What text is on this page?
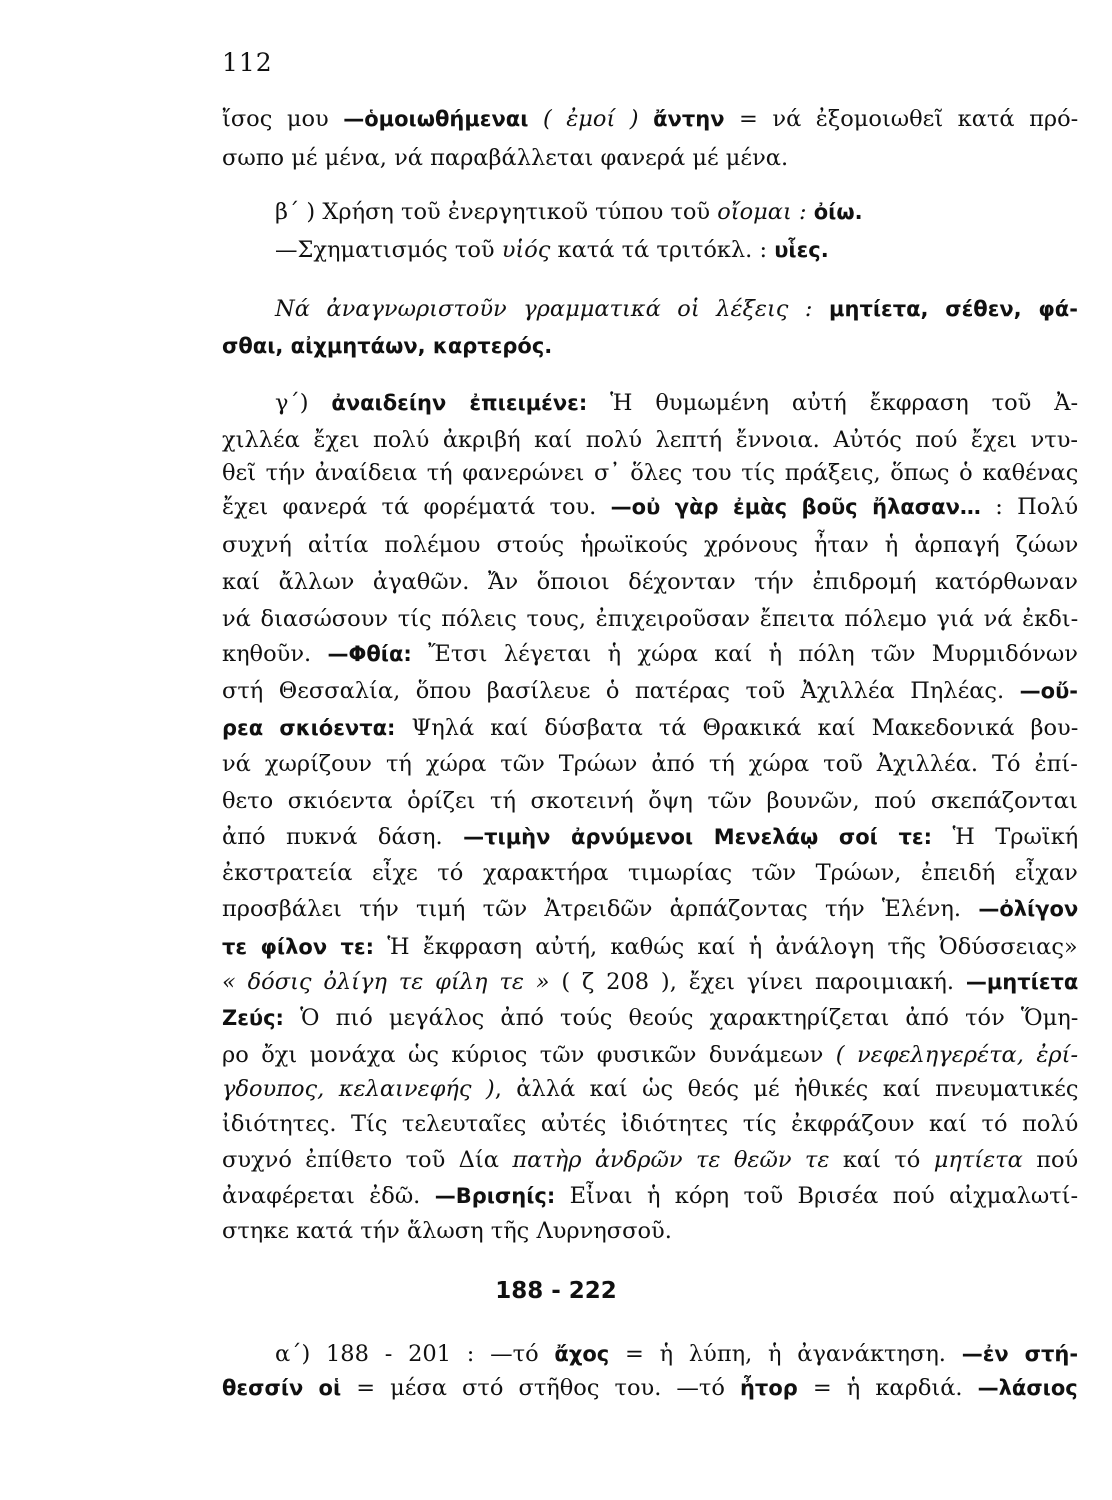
112
ἴσος μου —ὁμοιωθήμεναι ( ἐμοί ) ἄντην = νά ἐξομοιωθεῖ κατά πρό-
σωπο μέ μένα, νά παραβάλλεται φανερά μέ μένα.
β΄ ) Χρήση τοῦ ἐνεργητικοῦ τύπου τοῦ οἴομαι : ὀίω.
—Σχηματισμός τοῦ υἱός κατά τά τριτόκλ. : υἷες.
Νά ἀναγνωριστοῦν γραμματικά οἱ λέξεις : μητίετα, σέθεν, φά-
σθαι, αἰχμητάων, καρτερός.
γ΄) ἀναιδείην ἐπιειμένε: Ἡ θυμωμένη αὐτή ἔκφραση τοῦ Ἀ-
χιλλέα ἔχει πολύ ἀκριβή καί πολύ λεπτή ἔννοια. Αὐτός πού ἔχει ντυ-
θεῖ τήν ἀναίδεια τή φανερώνει σ᾽ ὅλες του τίς πράξεις, ὅπως ὁ καθένας
ἔχει φανερά τά φορέματά του. —οὐ γὰρ ἐμὰς βοῦς ἤλασαν… : Πολύ
συχνή αἰτία πολέμου στούς ἡρωϊκούς χρόνους ἦταν ἡ ἁρπαγή ζώων
καί ἄλλων ἀγαθῶν. Ἄν ὅποιοι δέχονταν τήν ἐπιδρομή κατόρθωναν
νά διασώσουν τίς πόλεις τους, ἐπιχειροῦσαν ἔπειτα πόλεμο γιά νά ἐκδι-
κηθοῦν. —Φθία: Ἔτσι λέγεται ἡ χώρα καί ἡ πόλη τῶν Μυρμιδόνων
στή Θεσσαλία, ὅπου βασίλευε ὁ πατέρας τοῦ Ἀχιλλέα Πηλέας. —οὔ-
ρεα σκιόεντα: Ψηλά καί δύσβατα τά Θρακικά καί Μακεδονικά βου-
νά χωρίζουν τή χώρα τῶν Τρώων ἀπό τή χώρα τοῦ Ἀχιλλέα. Τό ἐπί-
θετο σκιόεντα ὁρίζει τή σκοτεινή ὄψη τῶν βουνῶν, πού σκεπάζονται
ἀπό πυκνά δάση. —τιμὴν ἀρνύμενοι Μενελάῳ σοί τε: Ἡ Τρωϊκή
ἐκστρατεία εἶχε τό χαρακτήρα τιμωρίας τῶν Τρώων, ἐπειδή εἶχαν
προσβάλει τήν τιμή τῶν Ἀτρειδῶν ἁρπάζοντας τήν Ἑλένη. —ὀλίγον
τε φίλον τε: Ἡ ἔκφραση αὐτή, καθώς καί ἡ ἀνάλογη τῆς Ὀδύσσειας»
« δόσις ὀλίγη τε φίλη τε » ( ζ 208 ), ἔχει γίνει παροιμιακή. —μητίετα
Ζεύς: Ὁ πιό μεγάλος ἀπό τούς θεούς χαρακτηρίζεται ἀπό τόν Ὅμη-
ρο ὄχι μονάχα ὡς κύριος τῶν φυσικῶν δυνάμεων ( νεφεληγερέτα, ἐρί-
γδουπος, κελαινεφής ), ἀλλά καί ὡς θεός μέ ἠθικές καί πνευματικές
ἰδιότητες. Τίς τελευταῖες αὐτές ἰδιότητες τίς ἐκφράζουν καί τό πολύ
συχνό ἐπίθετο τοῦ Δία πατὴρ ἀνδρῶν τε θεῶν τε καί τό μητίετα πού
ἀναφέρεται ἐδῶ. —Βρισηίς: Εἶναι ἡ κόρη τοῦ Βρισέα πού αἰχμαλωτί-
στηκε κατά τήν ἅλωση τῆς Λυρνησσοῦ.
188 - 222
α΄) 188 - 201 : —τό ἄχος = ἡ λύπη, ἡ ἀγανάκτηση. —ἐν στή-
θεσσίν οἱ = μέσα στό στῆθος του. —τό ἦτορ = ἡ καρδιά. —λάσιος
